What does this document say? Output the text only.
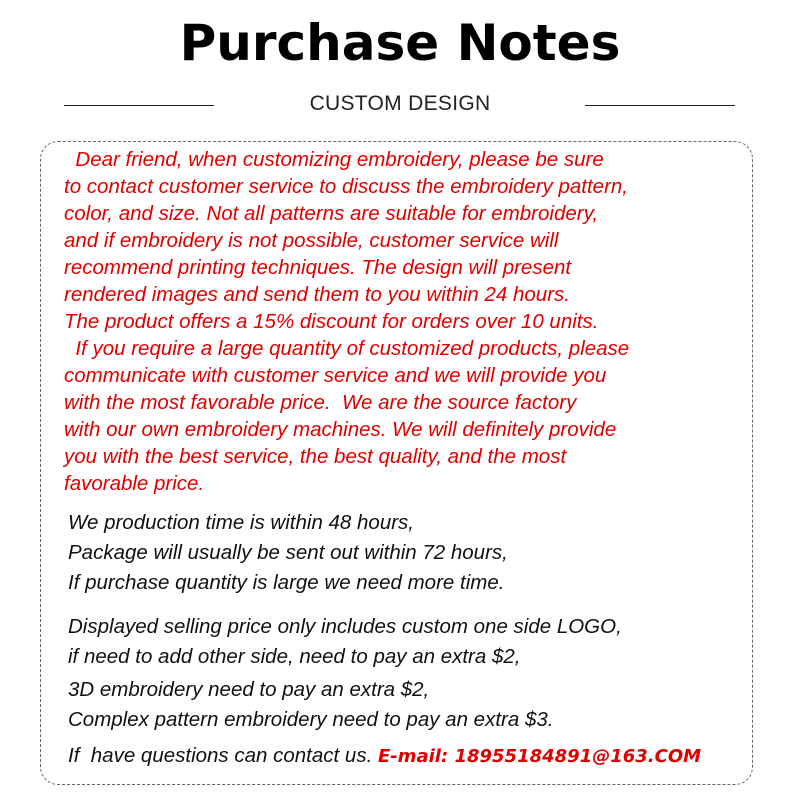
Purchase Notes
CUSTOM DESIGN
Dear friend, when customizing embroidery, please be sure
to contact customer service to discuss the embroidery pattern,
color, and size. Not all patterns are suitable for embroidery,
and if embroidery is not possible, customer service will
recommend printing techniques. The design will present
rendered images and send them to you within 24 hours.
The product offers a 15% discount for orders over 10 units.
If you require a large quantity of customized products, please
communicate with customer service and we will provide you
with the most favorable price.  We are the source factory
with our own embroidery machines. We will definitely provide
you with the best service, the best quality, and the most
favorable price.
We production time is within 48 hours,
Package will usually be sent out within 72 hours,
If purchase quantity is large we need more time.
Displayed selling price only includes custom one side LOGO,
if need to add other side, need to pay an extra $2,
3D embroidery need to pay an extra $2,
Complex pattern embroidery need to pay an extra $3.
If  have questions can contact us. E-mail: 18955184891@163.COM
